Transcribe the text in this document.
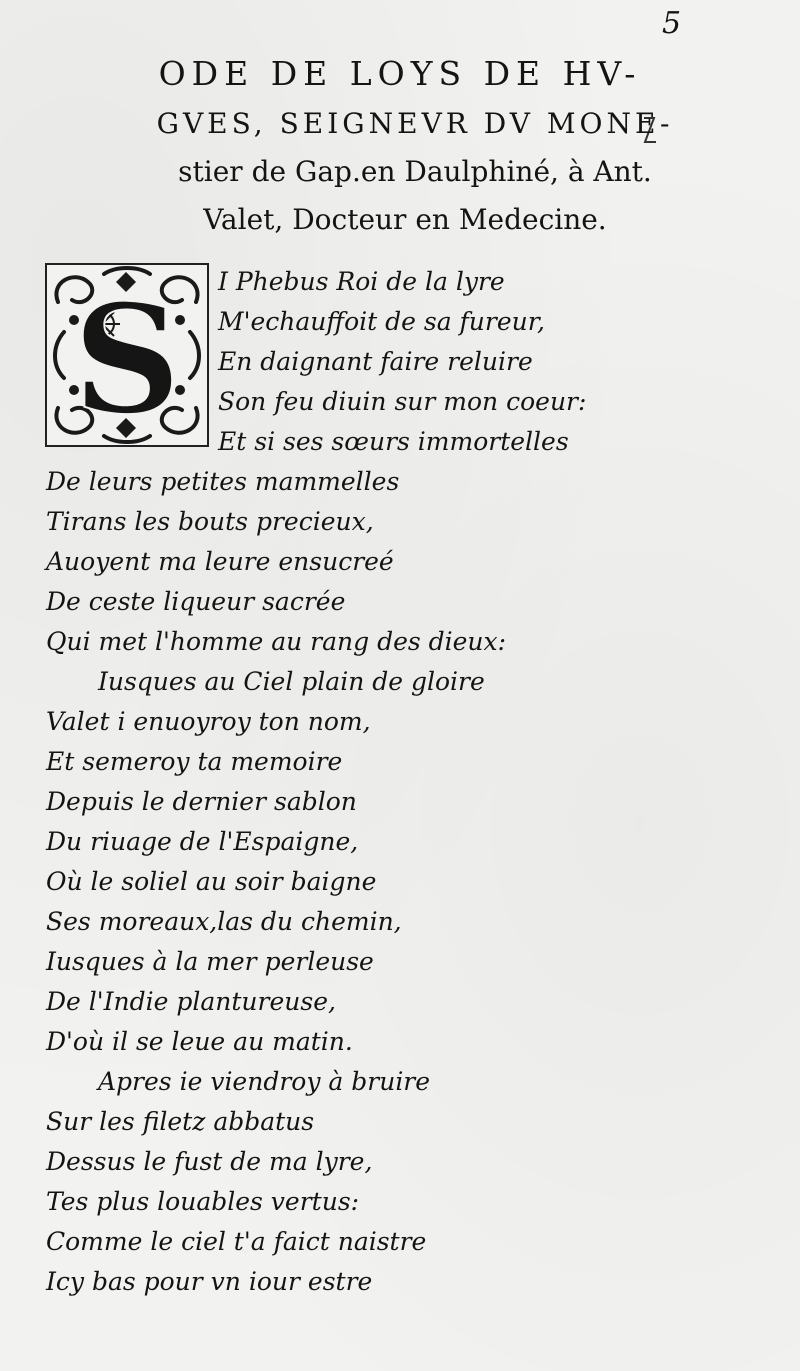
5
ODE DE LOYS DE HV-
GVES, SEIGNEVR DV MONE-
stier de Gap.en Daulphiné, à Ant.
Valet, Docteur en Medecine.
S I Phebus Roi de la lyre
M'echauffoit de sa fureur,
En daignant faire reluire
Son feu diuin sur mon coeur:
Et si ses sœurs immortelles
De leurs petites mammelles
Tirans les bouts precieux,
Auoyent ma leure ensucreé
De ceste liqueur sacrée
Qui met l'homme au rang des dieux:
Iusques au Ciel plain de gloire
Valet i enuoyroy ton nom,
Et semeroy ta memoire
Depuis le dernier sablon
Du riuage de l'Espaigne,
Où le soliel au soir baigne
Ses moreaux,las du chemin,
Iusques à la mer perleuse
De l'Indie plantureuse,
D'où il se leue au matin.
Apres ie viendroy à bruire
Sur les filetz abbatus
Dessus le fust de ma lyre,
Tes plus louables vertus:
Comme le ciel t'a faict naistre
Icy bas pour vn iour estre
